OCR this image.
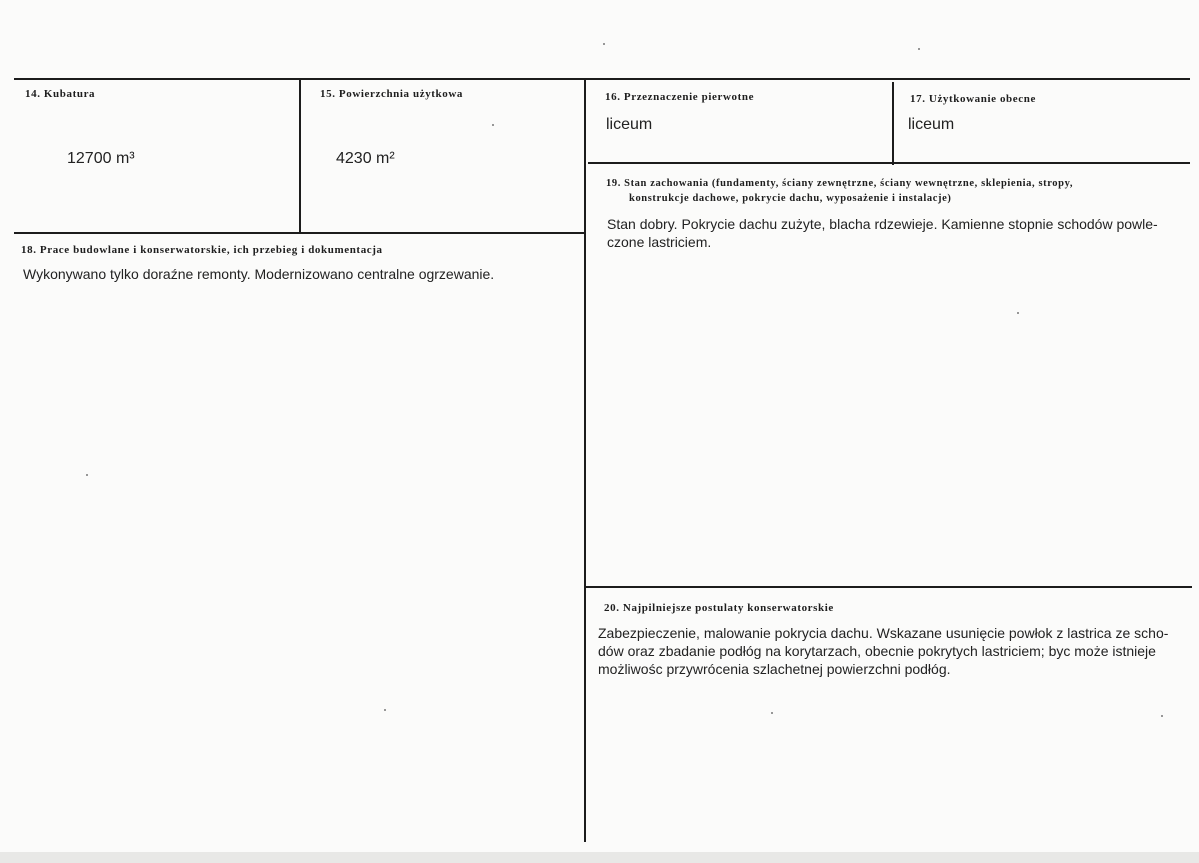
14. Kubatura
12700 m³
15. Powierzchnia użytkowa
4230 m²
16. Przeznaczenie pierwotne
liceum
17. Użytkowanie obecne
liceum
18. Prace budowlane i konserwatorskie, ich przebieg i dokumentacja
Wykonywano tylko doraźne remonty. Modernizowano centralne ogrzewanie.
19. Stan zachowania (fundamenty, ściany zewnętrzne, ściany wewnętrzne, sklepienia, stropy,
konstrukcje dachowe, pokrycie dachu, wyposażenie i instalacje)
Stan dobry. Pokrycie dachu zużyte, blacha rdzewieje. Kamienne stopnie schodów powle-
czone lastriciem.
20. Najpilniejsze postulaty konserwatorskie
Zabezpieczenie, malowanie pokrycia dachu. Wskazane usunięcie powłok z lastrica ze scho-
dów oraz zbadanie podłóg na korytarzach, obecnie pokrytych lastriciem; byc może istnieje
możliwośc przywrócenia szlachetnej powierzchni podłóg.
